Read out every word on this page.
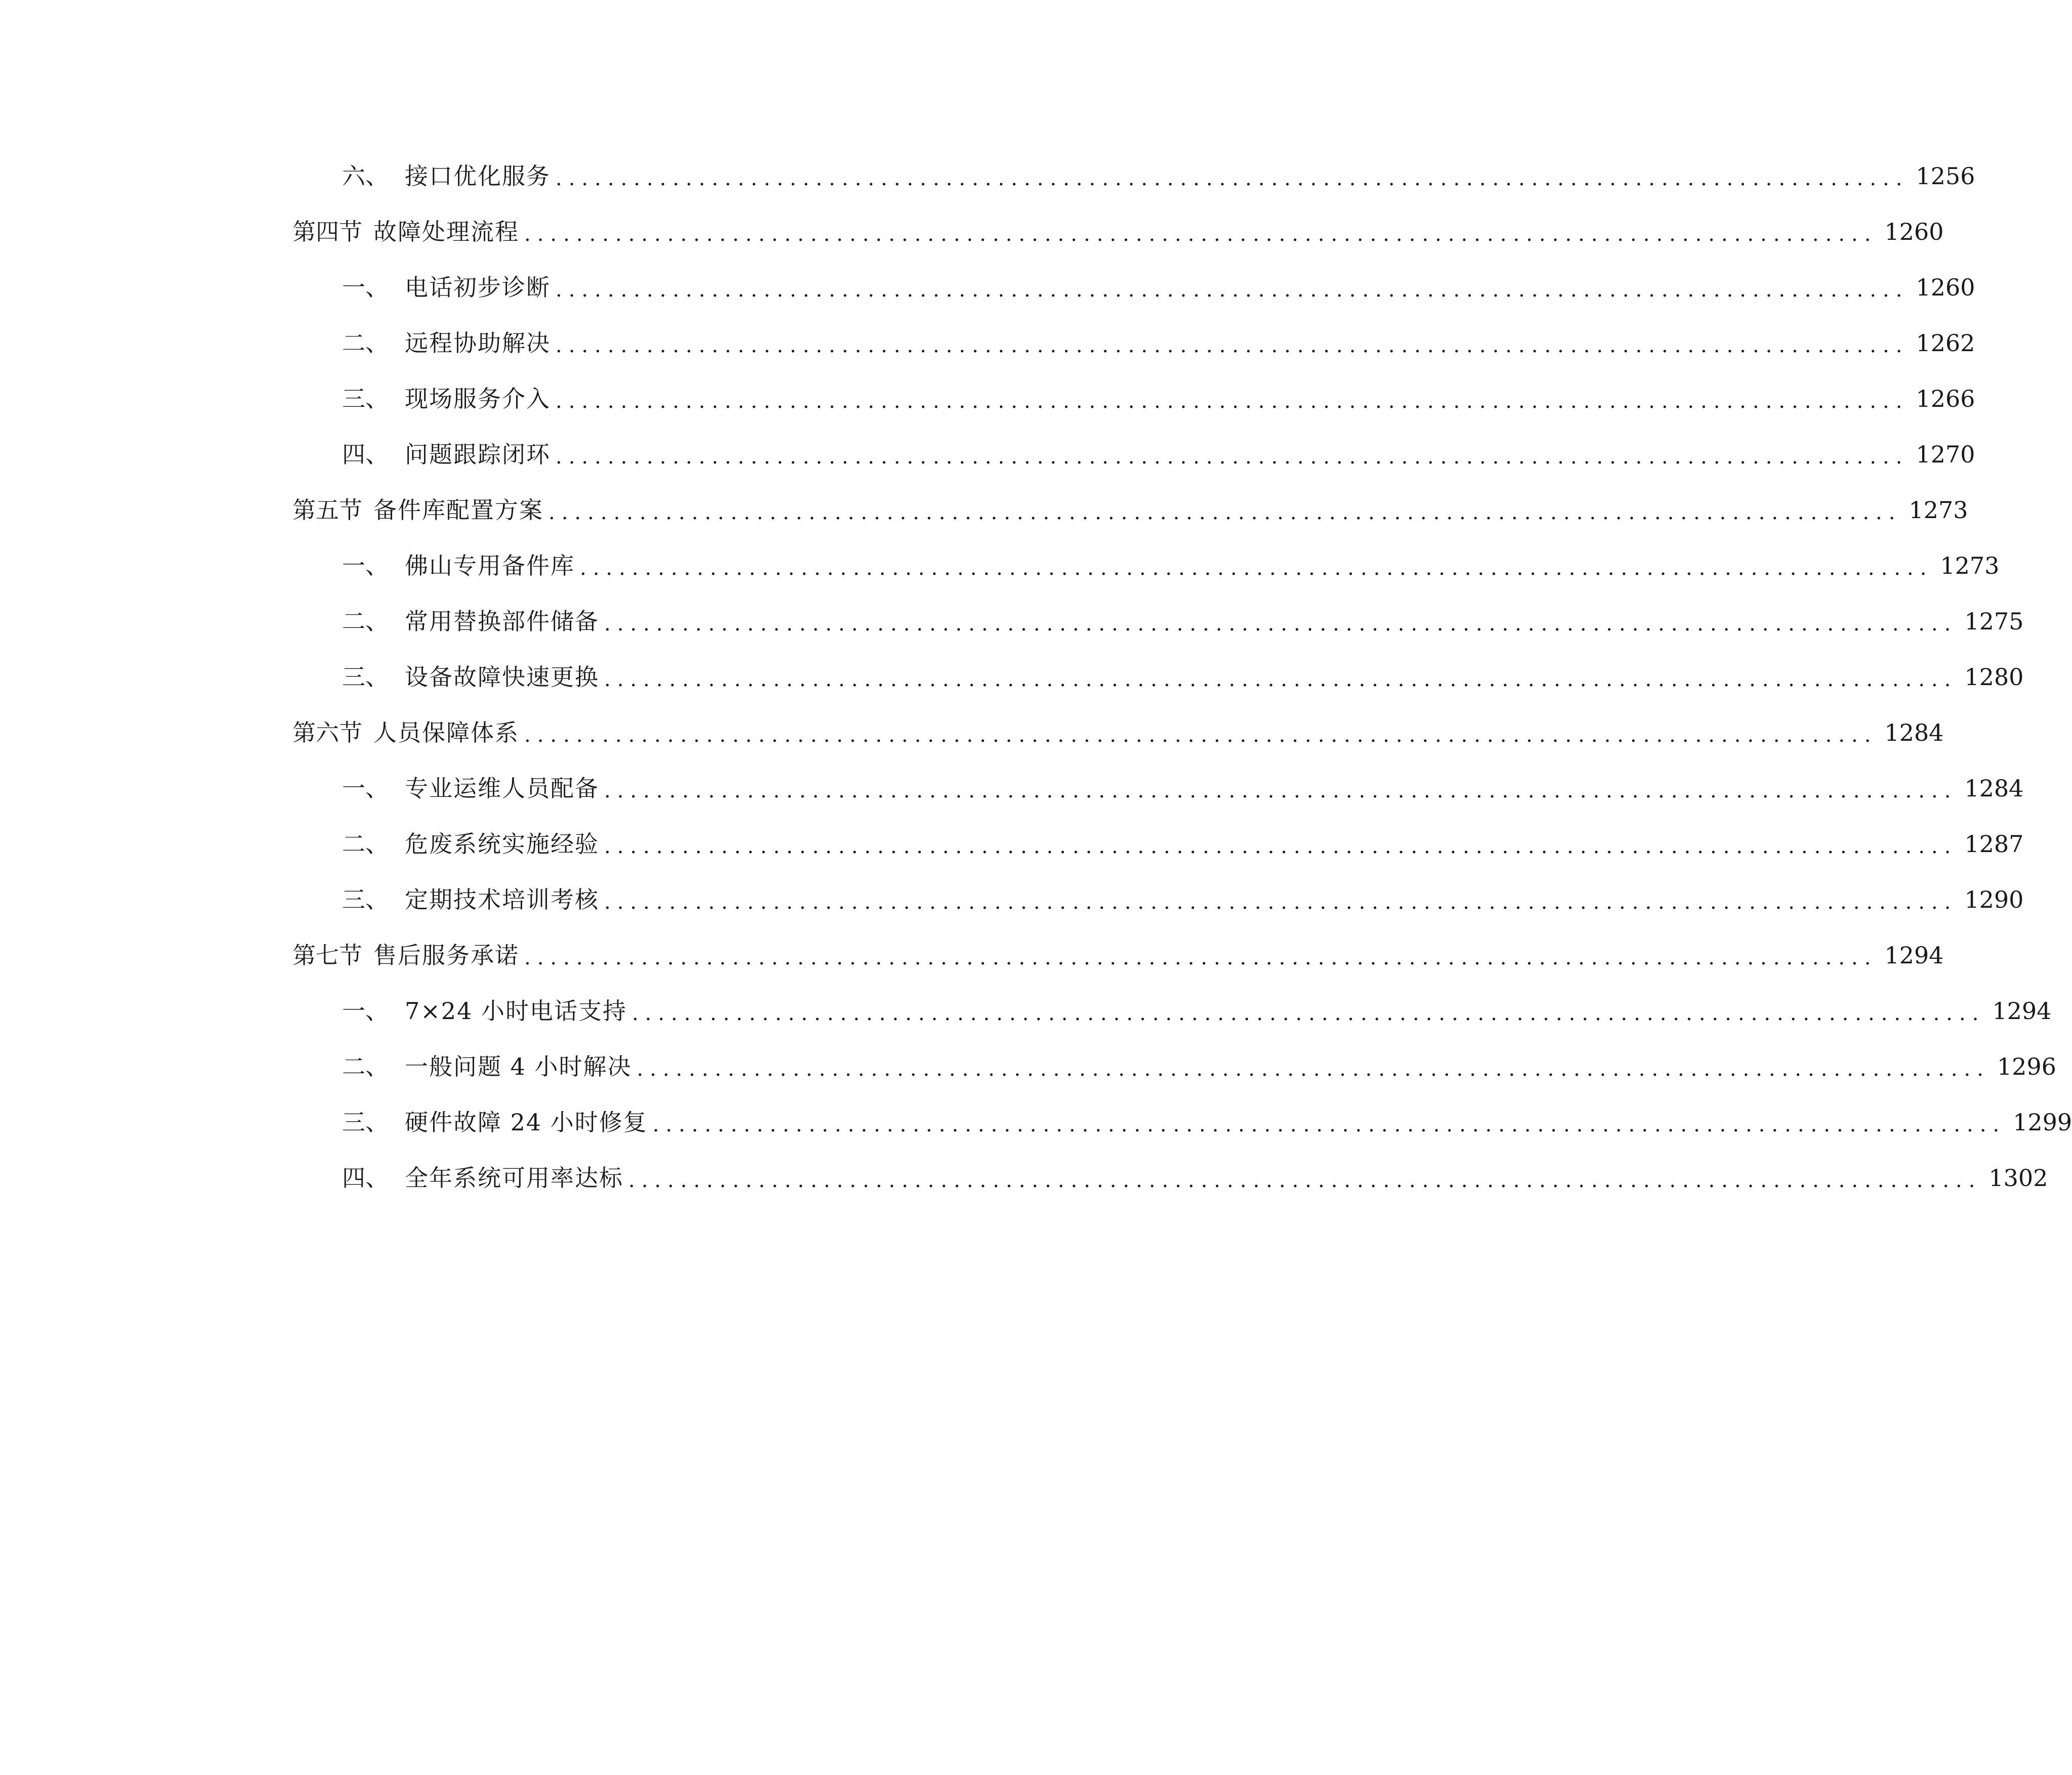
六、 接口优化服务 ........................................................................................................ 1256
第四节 故障处理流程 ........................................................................................................ 1260
一、 电话初步诊断 ........................................................................................................ 1260
二、 远程协助解决 ........................................................................................................ 1262
三、 现场服务介入 ........................................................................................................ 1266
四、 问题跟踪闭环 ........................................................................................................ 1270
第五节 备件库配置方案 ........................................................................................................ 1273
一、 佛山专用备件库 ........................................................................................................ 1273
二、 常用替换部件储备 ........................................................................................................ 1275
三、 设备故障快速更换 ........................................................................................................ 1280
第六节 人员保障体系 ........................................................................................................ 1284
一、 专业运维人员配备 ........................................................................................................ 1284
二、 危废系统实施经验 ........................................................................................................ 1287
三、 定期技术培训考核 ........................................................................................................ 1290
第七节 售后服务承诺 ........................................................................................................ 1294
一、 7×24 小时电话支持 ........................................................................................................ 1294
二、 一般问题 4 小时解决 ........................................................................................................ 1296
三、 硬件故障 24 小时修复 ........................................................................................................ 1299
四、 全年系统可用率达标 ........................................................................................................ 1302
